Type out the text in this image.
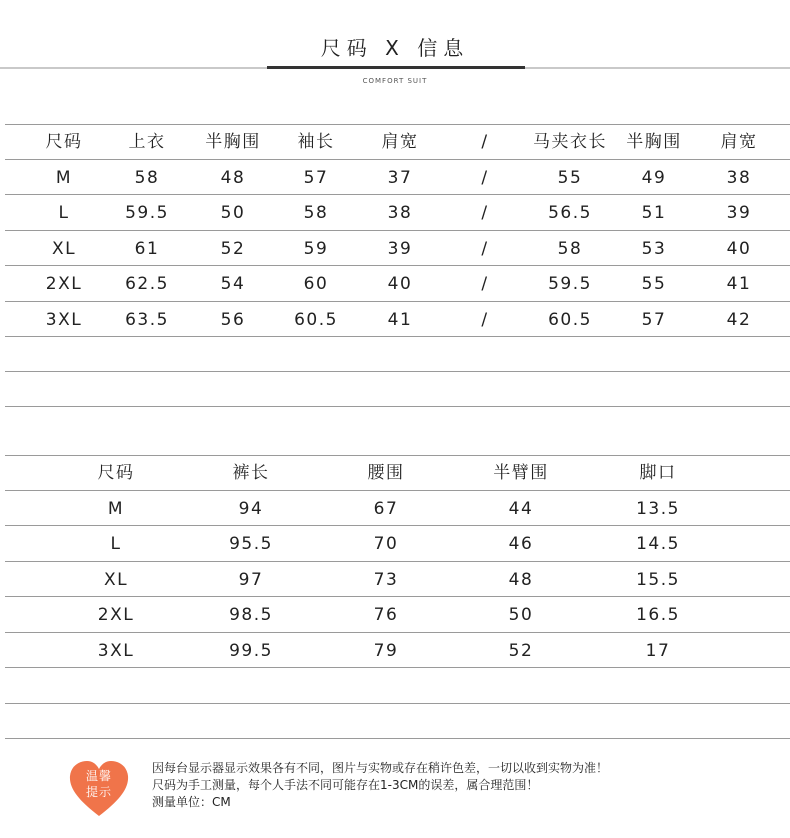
尺码 X 信息
COMFORT SUIT
尺码	上衣	半胸围	袖长	肩宽	/	马夹衣长	半胸围	肩宽
M	58	48	57	37	/	55	49	38
L	59.5	50	58	38	/	56.5	51	39
XL	61	52	59	39	/	58	53	40
2XL	62.5	54	60	40	/	59.5	55	41
3XL	63.5	56	60.5	41	/	60.5	57	42
尺码	裤长	腰围	半臂围	脚口
M	94	67	44	13.5
L	95.5	70	46	14.5
XL	97	73	48	15.5
2XL	98.5	76	50	16.5
3XL	99.5	79	52	17
温馨
提示
因每台显示器显示效果各有不同，图片与实物或存在稍许色差，一切以收到实物为准！
尺码为手工测量，每个人手法不同可能存在1-3CM的误差，属合理范围！
测量单位：CM
